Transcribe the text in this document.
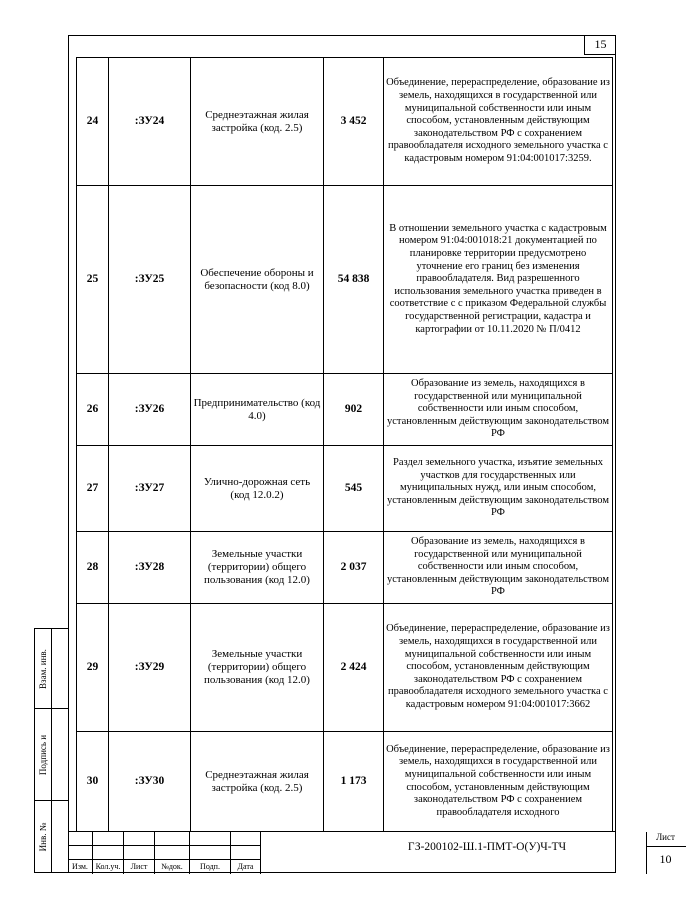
15
24	:ЗУ24	Среднеэтажная жилая застройка (код. 2.5)	3 452	Объединение, перераспределение, образование из земель, находящихся в государственной или муниципальной собственности или иным способом, установленным действующим законодательством РФ с сохранением правообладателя исходного земельного участка с кадастровым номером 91:04:001017:3259.
25	:ЗУ25	Обеспечение обороны и безопасности (код 8.0)	54 838	В отношении земельного участка с кадастровым номером 91:04:001018:21 документацией по планировке территории предусмотрено уточнение его границ без изменения правообладателя. Вид разрешенного использования земельного участка приведен в соответствие с с приказом Федеральной службы государственной регистрации, кадастра и картографии от 10.11.2020 № П/0412
26	:ЗУ26	Предпринимательство (код 4.0)	902	Образование из земель, находящихся в государственной или муниципальной собственности или иным способом, установленным действующим законодательством РФ
27	:ЗУ27	Улично-дорожная сеть (код 12.0.2)	545	Раздел земельного участка, изъятие земельных участков для государственных или муниципальных нужд, или иным способом, установленным действующим законодательством РФ
28	:ЗУ28	Земельные участки (территории) общего пользования (код 12.0)	2 037	Образование из земель, находящихся в государственной или муниципальной собственности или иным способом, установленным действующим законодательством РФ
29	:ЗУ29	Земельные участки (территории) общего пользования (код 12.0)	2 424	Объединение, перераспределение, образование из земель, находящихся в государственной или муниципальной собственности или иным способом, установленным действующим законодательством РФ с сохранением правообладателя исходного земельного участка с кадастровым номером 91:04:001017:3662
30	:ЗУ30	Среднеэтажная жилая застройка (код. 2.5)	1 173	Объединение, перераспределение, образование из земель, находящихся в государственной или муниципальной собственности или иным способом, установленным действующим законодательством РФ с сохранением правообладателя исходного
Взам. инв.
Подпись и
Инв. №
Изм. Кол.уч.	Лист	№док.	Подп.	Дата
ГЗ-200102-Ш.1-ПМТ-О(У)Ч-ТЧ
Лист
10
